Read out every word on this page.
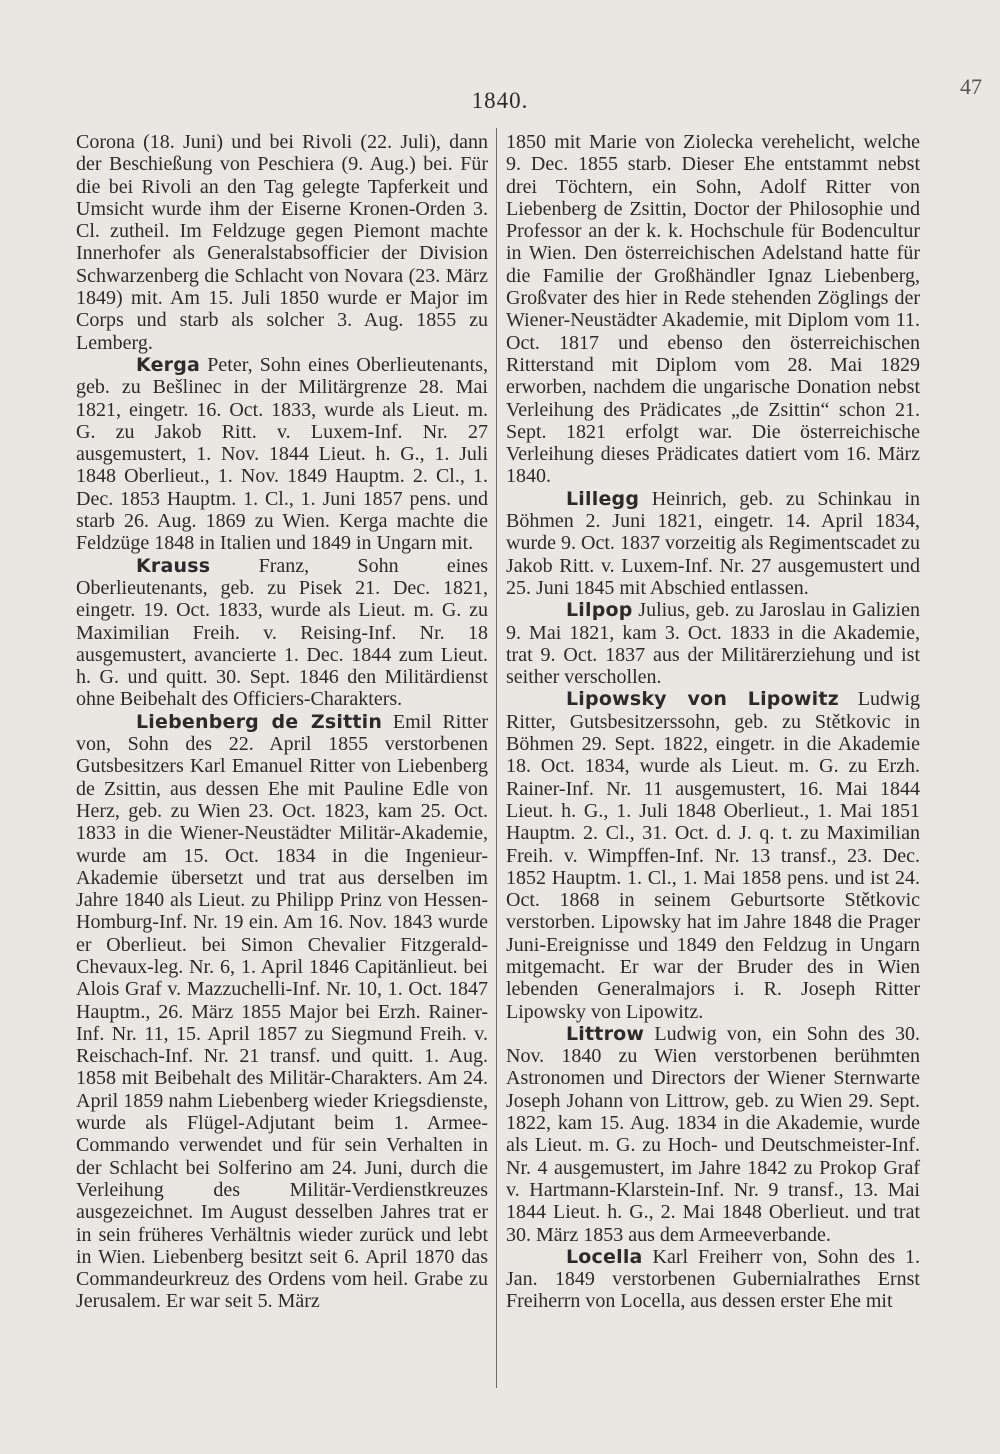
47
1840.

Corona (18. Juni) und bei Rivoli (22. Juli), dann der Beschießung von Peschiera (9. Aug.) bei. Für die bei Rivoli an den Tag gelegte Tapferkeit und Umsicht wurde ihm der Eiserne Kronen-Orden 3. Cl. zutheil. Im Feldzuge gegen Piemont machte Innerhofer als Generalstabsofficier der Division Schwarzenberg die Schlacht von Novara (23. März 1849) mit. Am 15. Juli 1850 wurde er Major im Corps und starb als solcher 3. Aug. 1855 zu Lemberg.

Kerga Peter, Sohn eines Oberlieutenants, geb. zu Bešlinec in der Militärgrenze 28. Mai 1821, eingetr. 16. Oct. 1833, wurde als Lieut. m. G. zu Jakob Ritt. v. Luxem-Inf. Nr. 27 ausgemustert, 1. Nov. 1844 Lieut. h. G., 1. Juli 1848 Oberlieut., 1. Nov. 1849 Hauptm. 2. Cl., 1. Dec. 1853 Hauptm. 1. Cl., 1. Juni 1857 pens. und starb 26. Aug. 1869 zu Wien. Kerga machte die Feldzüge 1848 in Italien und 1849 in Ungarn mit.

Krauss Franz, Sohn eines Oberlieutenants, geb. zu Pisek 21. Dec. 1821, eingetr. 19. Oct. 1833, wurde als Lieut. m. G. zu Maximilian Freih. v. Reising-Inf. Nr. 18 ausgemustert, avancierte 1. Dec. 1844 zum Lieut. h. G. und quitt. 30. Sept. 1846 den Militärdienst ohne Beibehalt des Officiers-Charakters.

Liebenberg de Zsittin Emil Ritter von, Sohn des 22. April 1855 verstorbenen Gutsbesitzers Karl Emanuel Ritter von Liebenberg de Zsittin, aus dessen Ehe mit Pauline Edle von Herz, geb. zu Wien 23. Oct. 1823, kam 25. Oct. 1833 in die Wiener-Neustädter Militär-Akademie, wurde am 15. Oct. 1834 in die Ingenieur-Akademie übersetzt und trat aus derselben im Jahre 1840 als Lieut. zu Philipp Prinz von Hessen-Homburg-Inf. Nr. 19 ein. Am 16. Nov. 1843 wurde er Oberlieut. bei Simon Chevalier Fitzgerald-Chevaux-leg. Nr. 6, 1. April 1846 Capitänlieut. bei Alois Graf v. Mazzuchelli-Inf. Nr. 10, 1. Oct. 1847 Hauptm., 26. März 1855 Major bei Erzh. Rainer-Inf. Nr. 11, 15. April 1857 zu Siegmund Freih. v. Reischach-Inf. Nr. 21 transf. und quitt. 1. Aug. 1858 mit Beibehalt des Militär-Charakters. Am 24. April 1859 nahm Liebenberg wieder Kriegsdienste, wurde als Flügel-Adjutant beim 1. Armee-Commando verwendet und für sein Verhalten in der Schlacht bei Solferino am 24. Juni, durch die Verleihung des Militär-Verdienstkreuzes ausgezeichnet. Im August desselben Jahres trat er in sein früheres Verhältnis wieder zurück und lebt in Wien. Liebenberg besitzt seit 6. April 1870 das Commandeurkreuz des Ordens vom heil. Grabe zu Jerusalem. Er war seit 5. März

1850 mit Marie von Ziolecka verehelicht, welche 9. Dec. 1855 starb. Dieser Ehe entstammt nebst drei Töchtern, ein Sohn, Adolf Ritter von Liebenberg de Zsittin, Doctor der Philosophie und Professor an der k. k. Hochschule für Bodencultur in Wien. Den österreichischen Adelstand hatte für die Familie der Großhändler Ignaz Liebenberg, Großvater des hier in Rede stehenden Zöglings der Wiener-Neustädter Akademie, mit Diplom vom 11. Oct. 1817 und ebenso den österreichischen Ritterstand mit Diplom vom 28. Mai 1829 erworben, nachdem die ungarische Donation nebst Verleihung des Prädicates „de Zsittin“ schon 21. Sept. 1821 erfolgt war. Die österreichische Verleihung dieses Prädicates datiert vom 16. März 1840.

Lillegg Heinrich, geb. zu Schinkau in Böhmen 2. Juni 1821, eingetr. 14. April 1834, wurde 9. Oct. 1837 vorzeitig als Regimentscadet zu Jakob Ritt. v. Luxem-Inf. Nr. 27 ausgemustert und 25. Juni 1845 mit Abschied entlassen.

Lilpop Julius, geb. zu Jaroslau in Galizien 9. Mai 1821, kam 3. Oct. 1833 in die Akademie, trat 9. Oct. 1837 aus der Militärerziehung und ist seither verschollen.

Lipowsky von Lipowitz Ludwig Ritter, Gutsbesitzerssohn, geb. zu Stětkovic in Böhmen 29. Sept. 1822, eingetr. in die Akademie 18. Oct. 1834, wurde als Lieut. m. G. zu Erzh. Rainer-Inf. Nr. 11 ausgemustert, 16. Mai 1844 Lieut. h. G., 1. Juli 1848 Oberlieut., 1. Mai 1851 Hauptm. 2. Cl., 31. Oct. d. J. q. t. zu Maximilian Freih. v. Wimpffen-Inf. Nr. 13 transf., 23. Dec. 1852 Hauptm. 1. Cl., 1. Mai 1858 pens. und ist 24. Oct. 1868 in seinem Geburtsorte Stětkovic verstorben. Lipowsky hat im Jahre 1848 die Prager Juni-Ereignisse und 1849 den Feldzug in Ungarn mitgemacht. Er war der Bruder des in Wien lebenden Generalmajors i. R. Joseph Ritter Lipowsky von Lipowitz.

Littrow Ludwig von, ein Sohn des 30. Nov. 1840 zu Wien verstorbenen berühmten Astronomen und Directors der Wiener Sternwarte Joseph Johann von Littrow, geb. zu Wien 29. Sept. 1822, kam 15. Aug. 1834 in die Akademie, wurde als Lieut. m. G. zu Hoch- und Deutschmeister-Inf. Nr. 4 ausgemustert, im Jahre 1842 zu Prokop Graf v. Hartmann-Klarstein-Inf. Nr. 9 transf., 13. Mai 1844 Lieut. h. G., 2. Mai 1848 Oberlieut. und trat 30. März 1853 aus dem Armeeverbande.

Locella Karl Freiherr von, Sohn des 1. Jan. 1849 verstorbenen Gubernialrathes Ernst Freiherrn von Locella, aus dessen erster Ehe mit
